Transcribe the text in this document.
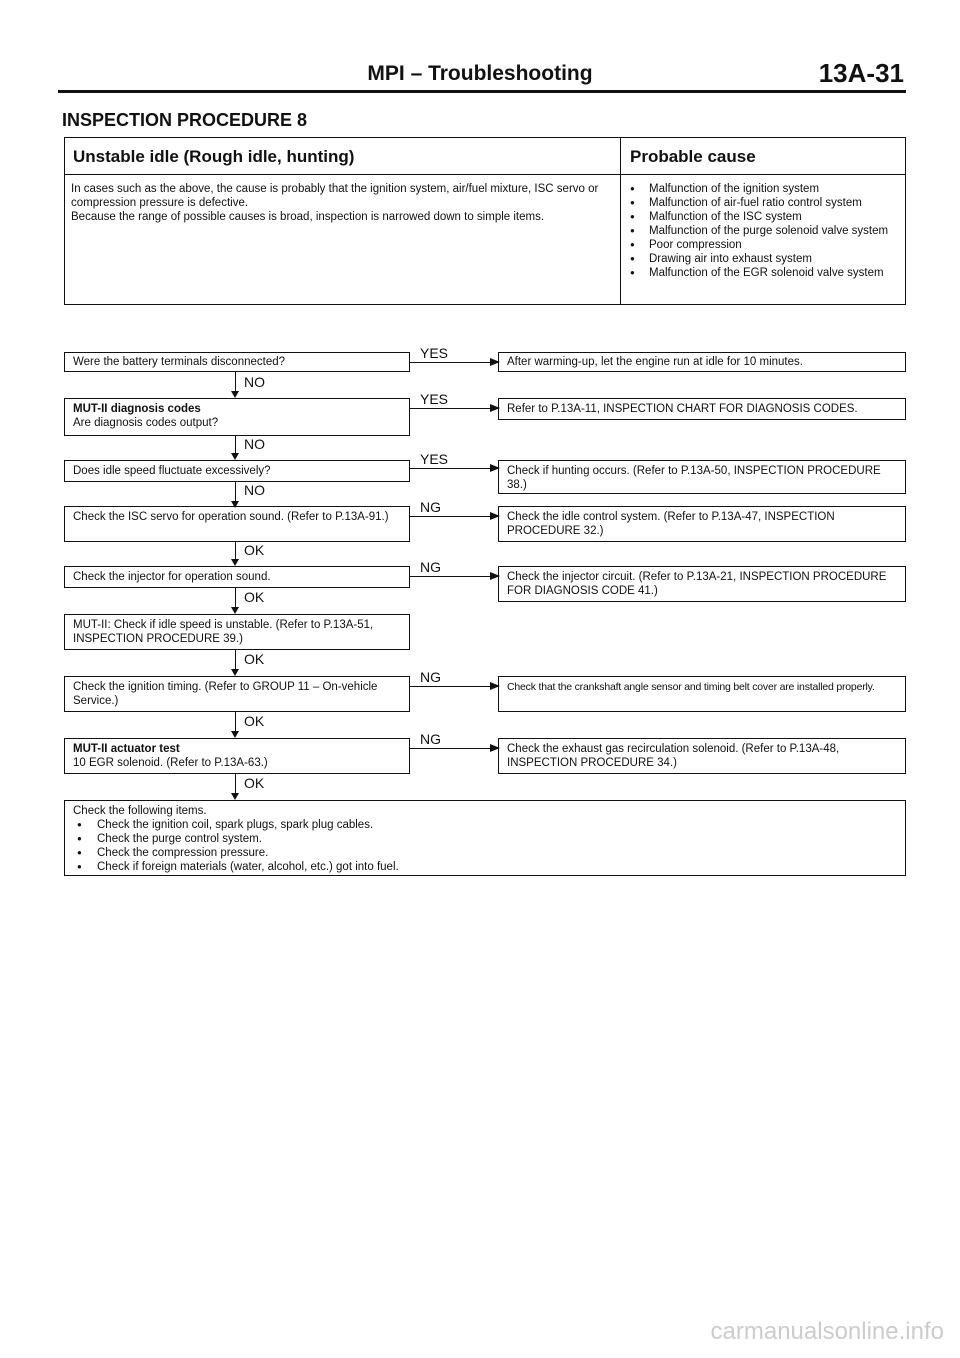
MPI – Troubleshooting	13A-31
INSPECTION PROCEDURE 8
Unstable idle (Rough idle, hunting)	Probable cause
In cases such as the above, the cause is probably that the ignition system, air/fuel mixture, ISC servo or compression pressure is defective.
Because the range of possible causes is broad, inspection is narrowed down to simple items.
● Malfunction of the ignition system
● Malfunction of air-fuel ratio control system
● Malfunction of the ISC system
● Malfunction of the purge solenoid valve system
● Poor compression
● Drawing air into exhaust system
● Malfunction of the EGR solenoid valve system
Were the battery terminals disconnected?
YES
After warming-up, let the engine run at idle for 10 minutes.
NO
MUT-II diagnosis codes
Are diagnosis codes output?
YES
Refer to P.13A-11, INSPECTION CHART FOR DIAGNOSIS CODES.
NO
Does idle speed fluctuate excessively?
YES
Check if hunting occurs. (Refer to P.13A-50, INSPECTION PROCEDURE 38.)
NO
Check the ISC servo for operation sound. (Refer to P.13A-91.)
NG
Check the idle control system. (Refer to P.13A-47, INSPECTION PROCEDURE 32.)
OK
Check the injector for operation sound.
NG
Check the injector circuit. (Refer to P.13A-21, INSPECTION PROCEDURE FOR DIAGNOSIS CODE 41.)
OK
MUT-II: Check if idle speed is unstable. (Refer to P.13A-51, INSPECTION PROCEDURE 39.)
OK
Check the ignition timing. (Refer to GROUP 11 – On-vehicle Service.)
NG
Check that the crankshaft angle sensor and timing belt cover are installed properly.
OK
MUT-II actuator test
10 EGR solenoid. (Refer to P.13A-63.)
NG
Check the exhaust gas recirculation solenoid. (Refer to P.13A-48, INSPECTION PROCEDURE 34.)
OK
Check the following items.
● Check the ignition coil, spark plugs, spark plug cables.
● Check the purge control system.
● Check the compression pressure.
● Check if foreign materials (water, alcohol, etc.) got into fuel.
carmanualsonline.info
